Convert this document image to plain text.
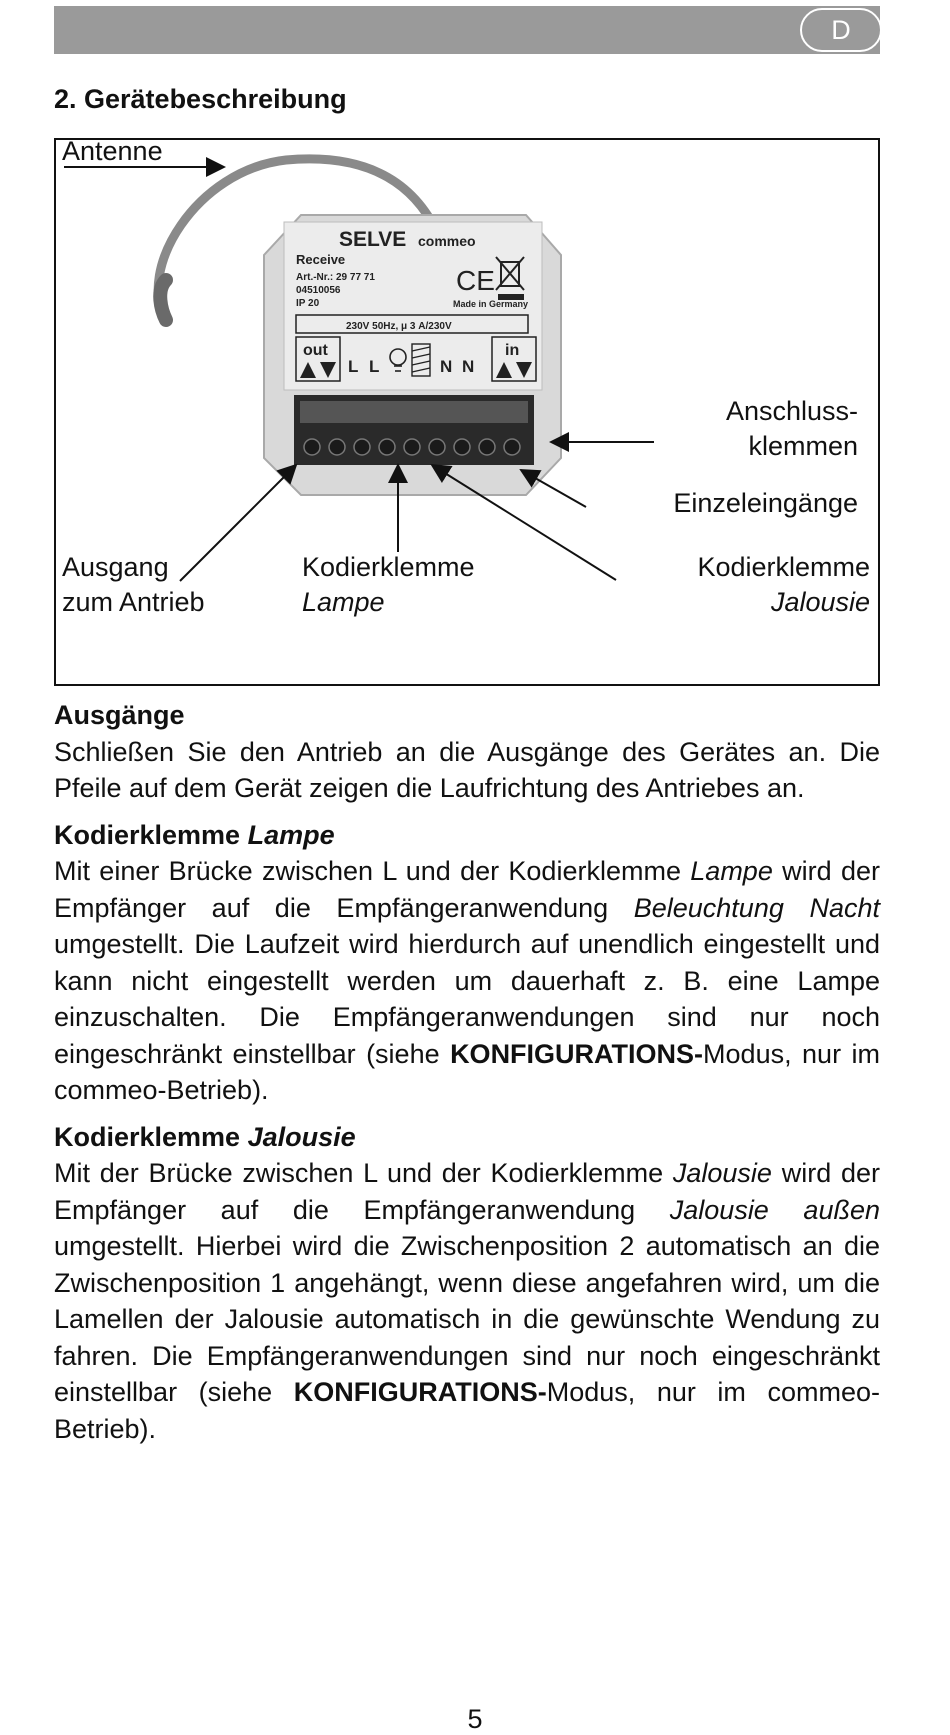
D
2. Gerätebeschreibung
SELVE commeo
Receive
Art.-Nr.: 29 77 71
04510056
IP 20
CE
Made in Germany
230V 50Hz, μ 3 A/230V
out
L L	N N
in
Antenne
Anschluss-
klemmen
Einzeleingänge
Ausgang
zum Antrieb
Kodierklemme
Lampe
Kodierklemme
Jalousie
Ausgänge

Schließen Sie den Antrieb an die Ausgänge des Gerätes an. Die Pfeile auf dem Gerät zeigen die Laufrichtung des Antriebes an.

Kodierklemme Lampe

Mit einer Brücke zwischen L und der Kodierklemme Lampe wird der Empfänger auf die Empfängeranwendung Beleuchtung Nacht umgestellt. Die Laufzeit wird hierdurch auf unendlich eingestellt und kann nicht eingestellt werden um dauerhaft z. B. eine Lampe einzuschalten. Die Empfängeranwendungen sind nur noch eingeschränkt einstellbar (siehe KONFIGURATIONS-Modus, nur im commeo-Betrieb).

Kodierklemme Jalousie

Mit der Brücke zwischen L und der Kodierklemme Jalousie wird der Empfänger auf die Empfängeranwendung Jalousie außen umgestellt. Hierbei wird die Zwischenposition 2 automatisch an die Zwischenposition 1 angehängt, wenn diese angefahren wird, um die Lamellen der Jalousie automatisch in die gewünschte Wendung zu fahren. Die Empfängeranwendungen sind nur noch eingeschränkt einstellbar (siehe KONFIGURATIONS-Modus, nur im commeo-Betrieb).

5
